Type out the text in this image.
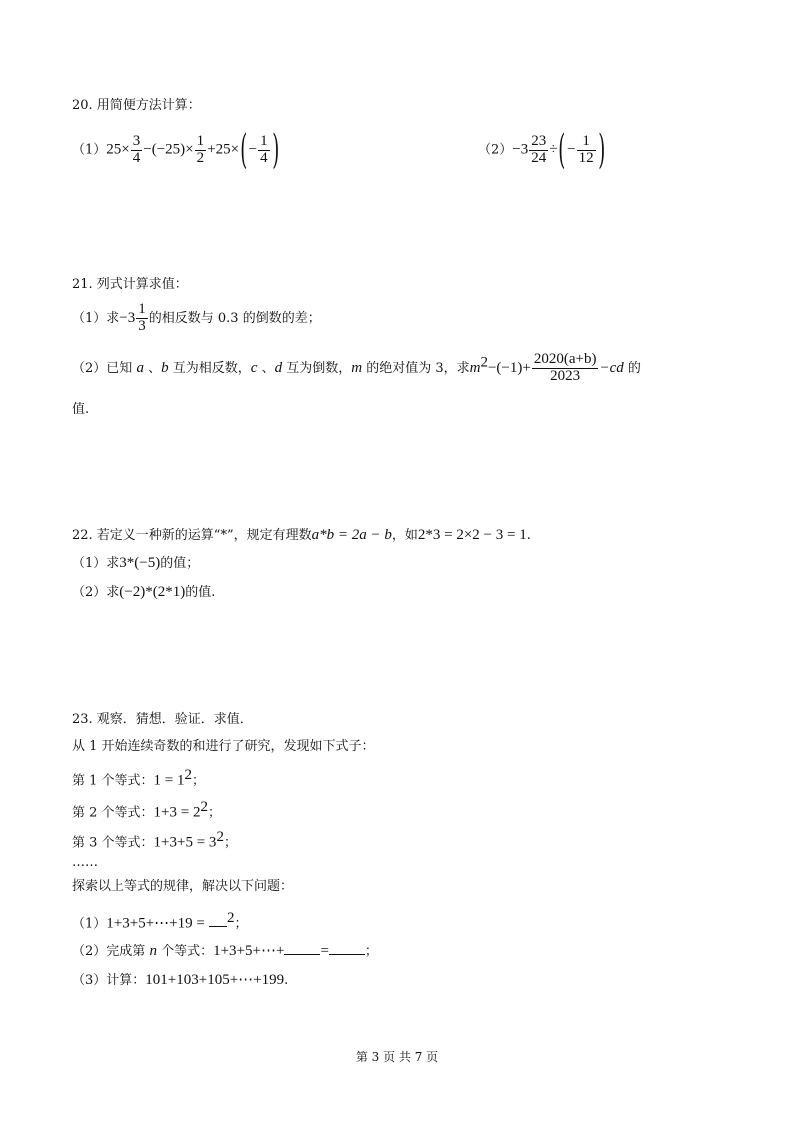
20. 用简便方法计算：
$(1)25\times \frac{3}{4} -(-25)\times \frac{1}{2} +25\times(- \frac{1}{4}$ )	$(2)-3 \frac{23}{24}$ ÷(− $\frac{1}{12}$ )
21. 列式计算求值：
（1）求$-3 \frac{1}{3}$ 的相反数与 0.3 的倒数的差；
（2）已知 a 、b 互为相反数，c 、d 互为倒数，m 的绝对值为 3，求$m^2-(-1)+ \frac{2020(a+b)}{2023} -cd$ 的
值.
22. 若定义一种新的运算“*”，规定有理数a*b = 2a − b，如2*3 = 2×2 − 3 = 1.
（1）求3*(−5)的值；
（2）求(−2)*(2*1)的值.
23. 观察．猜想．验证．求值．
从 1 开始连续奇数的和进行了研究，发现如下式子：
第 1 个等式：$1 = 1^2$；
第 2 个等式：$1+3 = 2^2$；
第 3 个等式：$1+3+5 = 3^2$；
……
探索以上等式的规律，解决以下问题：
（1）1+3+5+⋯+19 = $^2$；
（2）完成第 n 个等式：1+3+5+⋯+ =	；
（3）计算：101+103+105+⋯+199.
第 3 页 共 7 页
